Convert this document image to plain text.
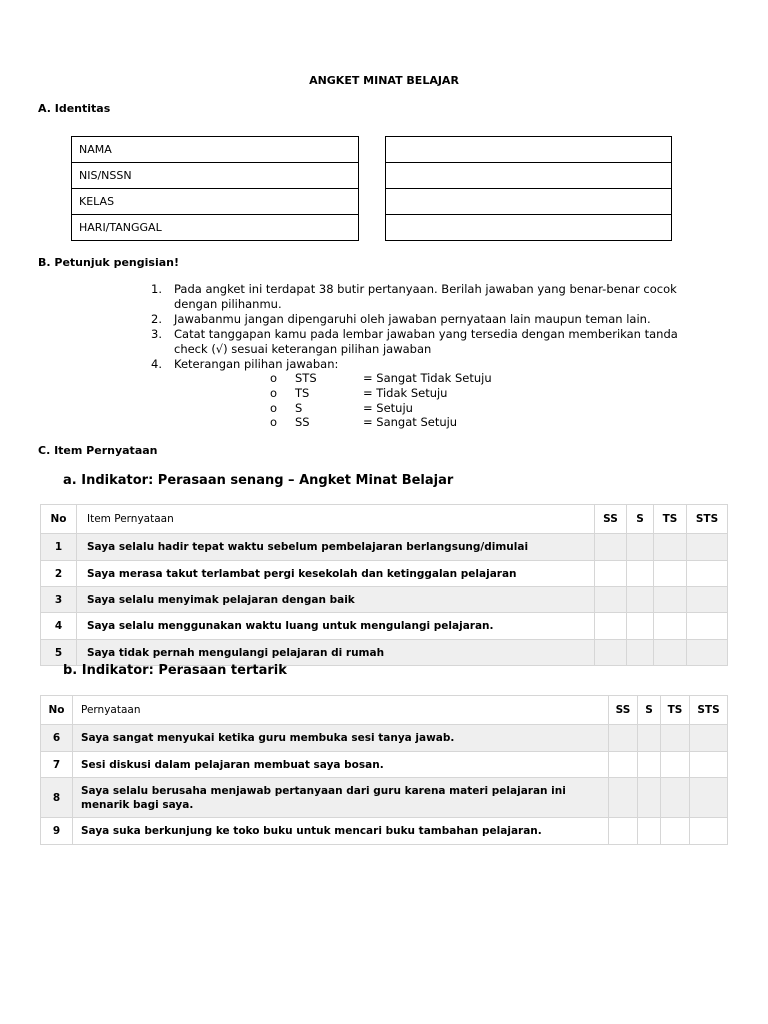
ANGKET MINAT BELAJAR
A. Identitas
NAMA
NIS/NSSN
KELAS
HARI/TANGGAL

B. Petunjuk pengisian!
1.	Pada angket ini terdapat 38 butir pertanyaan. Berilah jawaban yang benar-benar cocok dengan pilihanmu.
2.	Jawabanmu jangan dipengaruhi oleh jawaban pernyataan lain maupun teman lain.
3.	Catat tanggapan kamu pada lembar jawaban yang tersedia dengan memberikan tanda check (√) sesuai keterangan pilihan jawaban
4.	Keterangan pilihan jawaban:
o	STS	= Sangat Tidak Setuju
o	TS	= Tidak Setuju
o	S	= Setuju
o	SS	= Sangat Setuju
C. Item Pernyataan
a. Indikator: Perasaan senang – Angket Minat Belajar
No	Item Pernyataan	SS	S	TS	STS
1	Saya selalu hadir tepat waktu sebelum pembelajaran berlangsung/dimulai				
2	Saya merasa takut terlambat pergi kesekolah dan ketinggalan pelajaran				
3	Saya selalu menyimak pelajaran dengan baik				
4	Saya selalu menggunakan waktu luang untuk mengulangi pelajaran.				
5	Saya tidak pernah mengulangi pelajaran di rumah				
b. Indikator: Perasaan tertarik
No	Pernyataan	SS	S	TS	STS
6	Saya sangat menyukai ketika guru membuka sesi tanya jawab.				
7	Sesi diskusi dalam pelajaran membuat saya bosan.				
8	Saya selalu berusaha menjawab pertanyaan dari guru karena materi pelajaran ini menarik bagi saya.				
9	Saya suka berkunjung ke toko buku untuk mencari buku tambahan pelajaran.				
